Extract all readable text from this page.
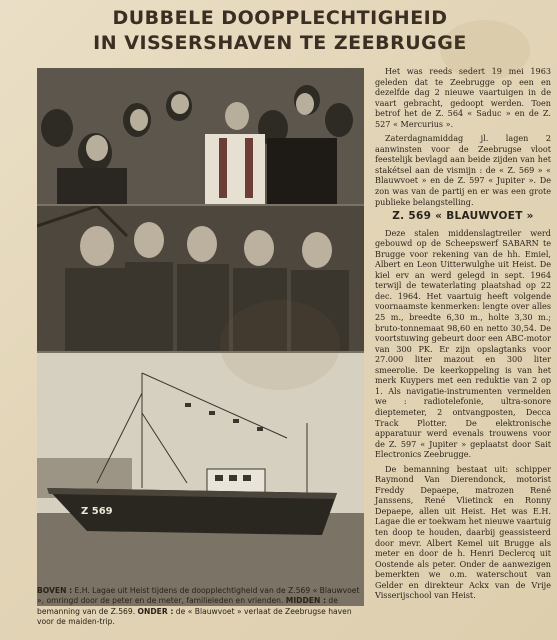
DUBBELE DOOPPLECHTIGHEID
IN VISSERSHAVEN TE ZEEBRUGGE
Z 569
BOVEN : E.H. Lagae uit Heist tijdens de doopplechtigheid van de Z.569 « Blauwvoet », omringd door de peter en de meter, familieleden en vrienden. MIDDEN : de bemanning van de Z.569. ONDER : de « Blauwvoet » verlaat de Zeebrugse haven voor de maiden-trip.

Het was reeds sedert 19 mei 1963 geleden dat te Zeebrugge op een en dezelfde dag 2 nieuwe vaartuigen in de vaart gebracht, gedoopt werden. Toen betrof het de Z. 564 « Saduc » en de Z. 527 « Mercurius ».

Zaterdagnamiddag jl. lagen 2 aanwinsten voor de Zeebrugse vloot feestelijk bevlagd aan beide zijden van het stakétsel aan de vismijn : de « Z. 569 » « Blauwvoet » en de Z. 597 « Jupiter ». De zon was van de partij en er was een grote publieke belangstelling.

Z. 569 « BLAUWVOET »

Deze stalen middenslagtreiler werd gebouwd op de Scheepswerf SABARN te Brugge voor rekening van de hh. Emiel, Albert en Leon Uitterwulghe uit Heist. De kiel erv an werd gelegd in sept. 1964 terwijl de tewaterlating plaatshad op 22 dec. 1964. Het vaartuig heeft volgende voornaamste kenmerken: lengte over alles 25 m., breedte 6,30 m., holte 3,30 m.; bruto-tonnemaat 98,60 en netto 30,54. De voortstuwing gebeurt door een ABC-motor van 300 PK. Er zijn opslagtanks voor 27.000 liter mazout en 300 liter smeerolie. De keerkoppeling is van het merk Kuypers met een reduktie van 2 op 1. Als navigatie-instrumenten vermelden we : radiotelefonie, ultra-sonore dieptemeter, 2 ontvangposten, Decca Track Plotter. De elektronische apparatuur werd evenals trouwens voor de Z. 597 « Jupiter » geplaatst door Sait Electronics Zeebrugge.

De bemanning bestaat uit: schipper Raymond Van Dierendonck, motorist Freddy Depaepe, matrozen René Janssens, René Vlietinck en Ronny Depaepe, allen uit Heist. Het was E.H. Lagae die er toekwam het nieuwe vaartuig ten doop te houden, daarbij geassisteerd door mevr. Albert Kemel uit Brugge als meter en door de h. Henri Declercq uit Oostende als peter. Onder de aanwezigen bemerkten we o.m. waterschout van Gelder en direkteur Ackx van de Vrije Visserijschool van Heist.
